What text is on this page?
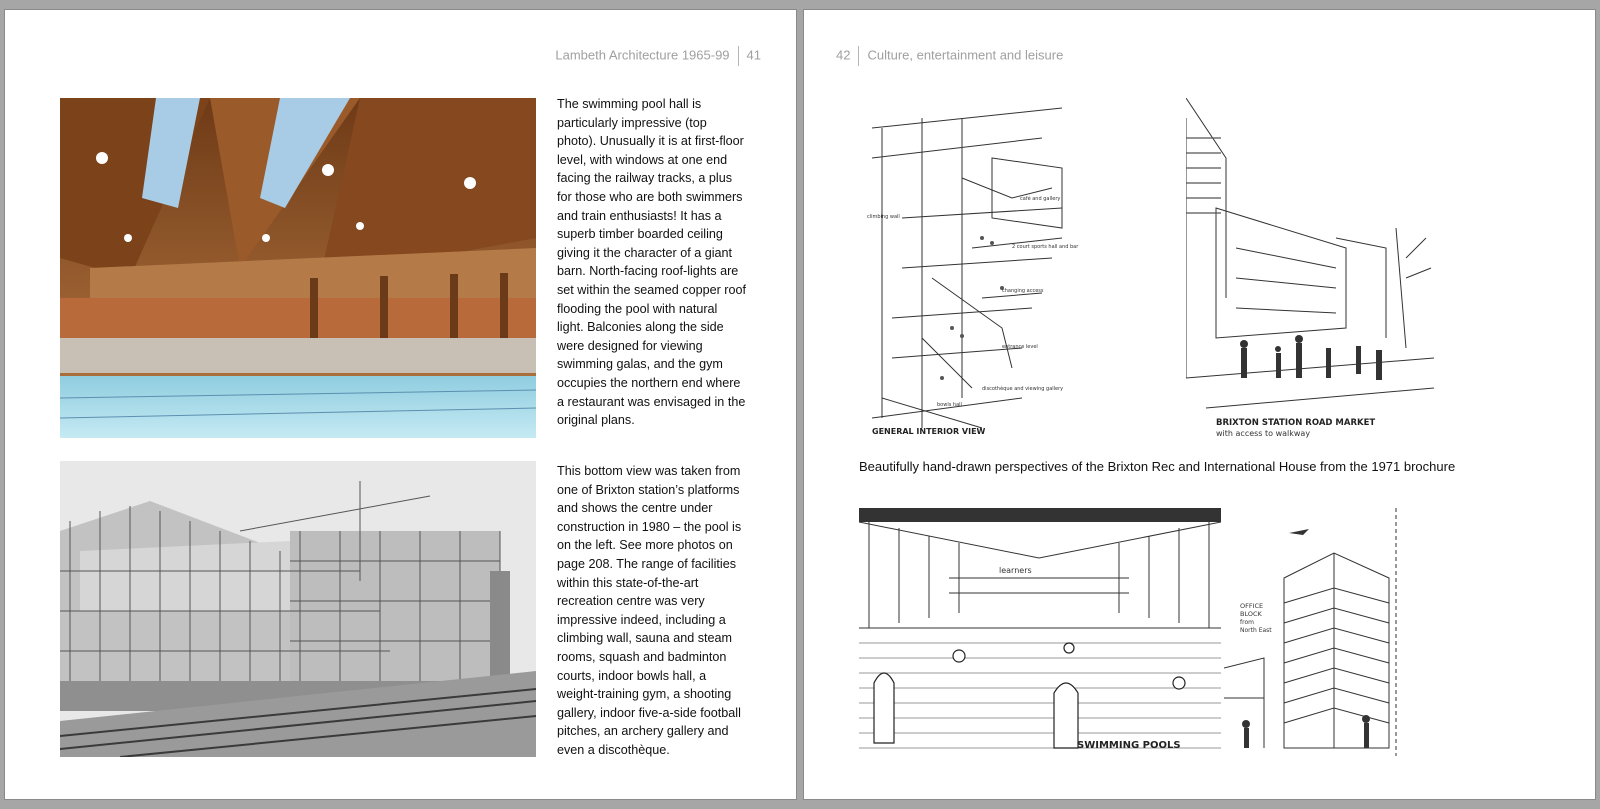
Lambeth Architecture 1965-99 41

The swimming pool hall is particularly impressive (top photo). Unusually it is at first-floor level, with windows at one end facing the railway tracks, a plus for those who are both swimmers and train enthusiasts! It has a superb timber boarded ceiling giving it the character of a giant barn. North-facing roof-lights are set within the seamed copper roof flooding the pool with natural light. Balconies along the side were designed for viewing swimming galas, and the gym occupies the northern end where a restaurant was envisaged in the original plans.

This bottom view was taken from one of Brixton station’s platforms and shows the centre under construction in 1980 – the pool is on the left. See more photos on page 208. The range of facilities within this state-of-the-art recreation centre was very impressive indeed, including a climbing wall, sauna and steam rooms, squash and badminton courts, indoor bowls hall, a weight-training gym, a shooting gallery, indoor five-a-side football pitches, an archery gallery and even a discothèque.

42 Culture, entertainment and leisure
café and gallery
climbing wall
2 court sports hall and bar
changing access
entrance level
discothèque and viewing gallery
bowls hall
GENERAL INTERIOR VIEW
BRIXTON STATION ROAD MARKET
with access to walkway
Beautifully hand-drawn perspectives of the Brixton Rec and International House from the 1971 brochure
learners
SWIMMING POOLS
OFFICE
BLOCK
from
North East
